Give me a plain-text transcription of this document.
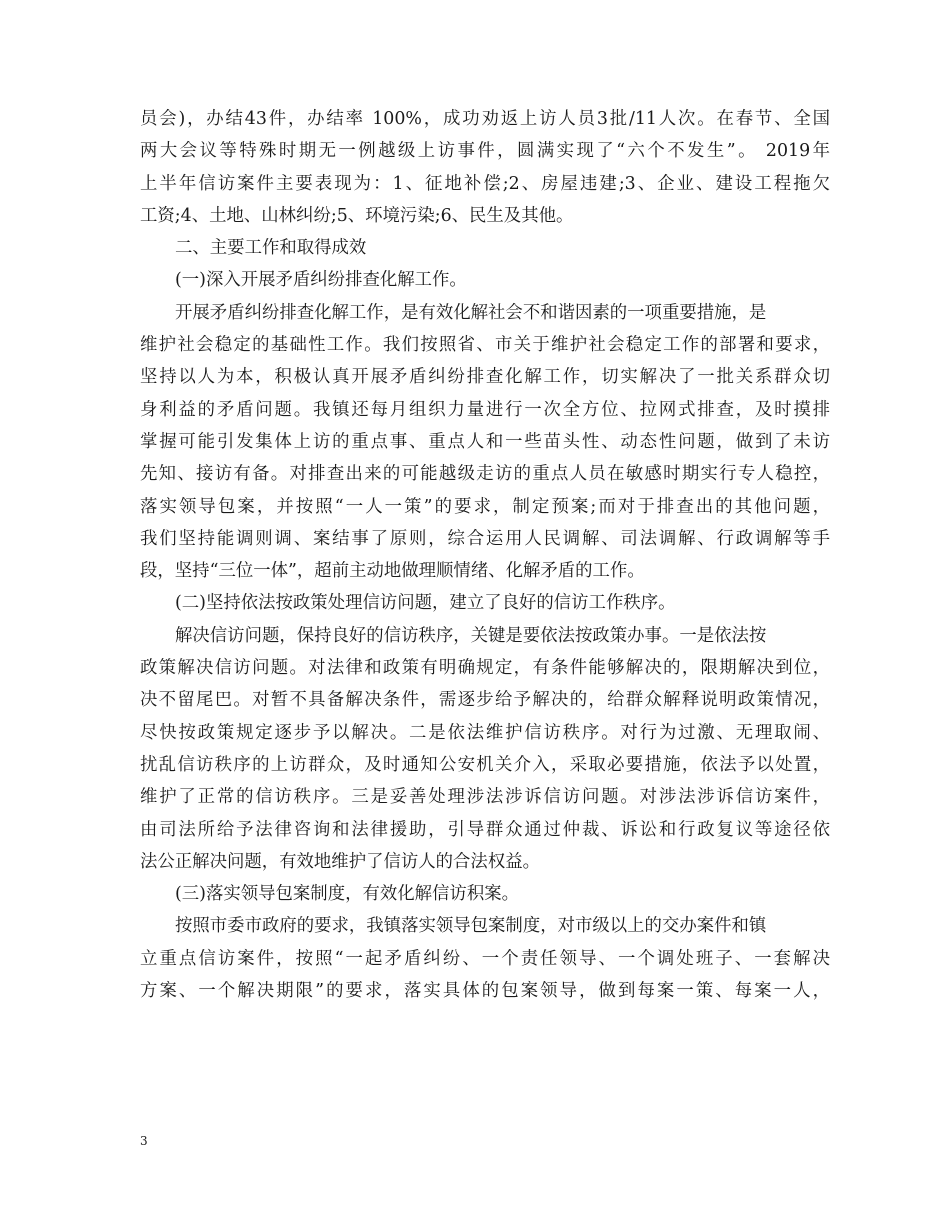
员会)，办结43件，办结率 100%，成功劝返上访人员3批/11人次。在春节、全国
两大会议等特殊时期无一例越级上访事件，圆满实现了“六个不发生”。 2019年
上半年信访案件主要表现为：1、征地补偿;2、房屋违建;3、企业、建设工程拖欠
工资;4、土地、山林纠纷;5、环境污染;6、民生及其他。
二、主要工作和取得成效
(一)深入开展矛盾纠纷排查化解工作。
开展矛盾纠纷排查化解工作，是有效化解社会不和谐因素的一项重要措施，是
维护社会稳定的基础性工作。我们按照省、市关于维护社会稳定工作的部署和要求，
坚持以人为本，积极认真开展矛盾纠纷排查化解工作，切实解决了一批关系群众切
身利益的矛盾问题。我镇还每月组织力量进行一次全方位、拉网式排查，及时摸排
掌握可能引发集体上访的重点事、重点人和一些苗头性、动态性问题，做到了未访
先知、接访有备。对排查出来的可能越级走访的重点人员在敏感时期实行专人稳控，
落实领导包案，并按照“一人一策”的要求，制定预案;而对于排查出的其他问题，
我们坚持能调则调、案结事了原则，综合运用人民调解、司法调解、行政调解等手
段，坚持“三位一体”，超前主动地做理顺情绪、化解矛盾的工作。
(二)坚持依法按政策处理信访问题，建立了良好的信访工作秩序。
解决信访问题，保持良好的信访秩序，关键是要依法按政策办事。一是依法按
政策解决信访问题。对法律和政策有明确规定，有条件能够解决的，限期解决到位，
决不留尾巴。对暂不具备解决条件，需逐步给予解决的，给群众解释说明政策情况，
尽快按政策规定逐步予以解决。二是依法维护信访秩序。对行为过激、无理取闹、
扰乱信访秩序的上访群众，及时通知公安机关介入，采取必要措施，依法予以处置，
维护了正常的信访秩序。三是妥善处理涉法涉诉信访问题。对涉法涉诉信访案件，
由司法所给予法律咨询和法律援助，引导群众通过仲裁、诉讼和行政复议等途径依
法公正解决问题，有效地维护了信访人的合法权益。
(三)落实领导包案制度，有效化解信访积案。
按照市委市政府的要求，我镇落实领导包案制度，对市级以上的交办案件和镇
立重点信访案件，按照“一起矛盾纠纷、一个责任领导、一个调处班子、一套解决
方案、一个解决期限”的要求，落实具体的包案领导，做到每案一策、每案一人，
3
